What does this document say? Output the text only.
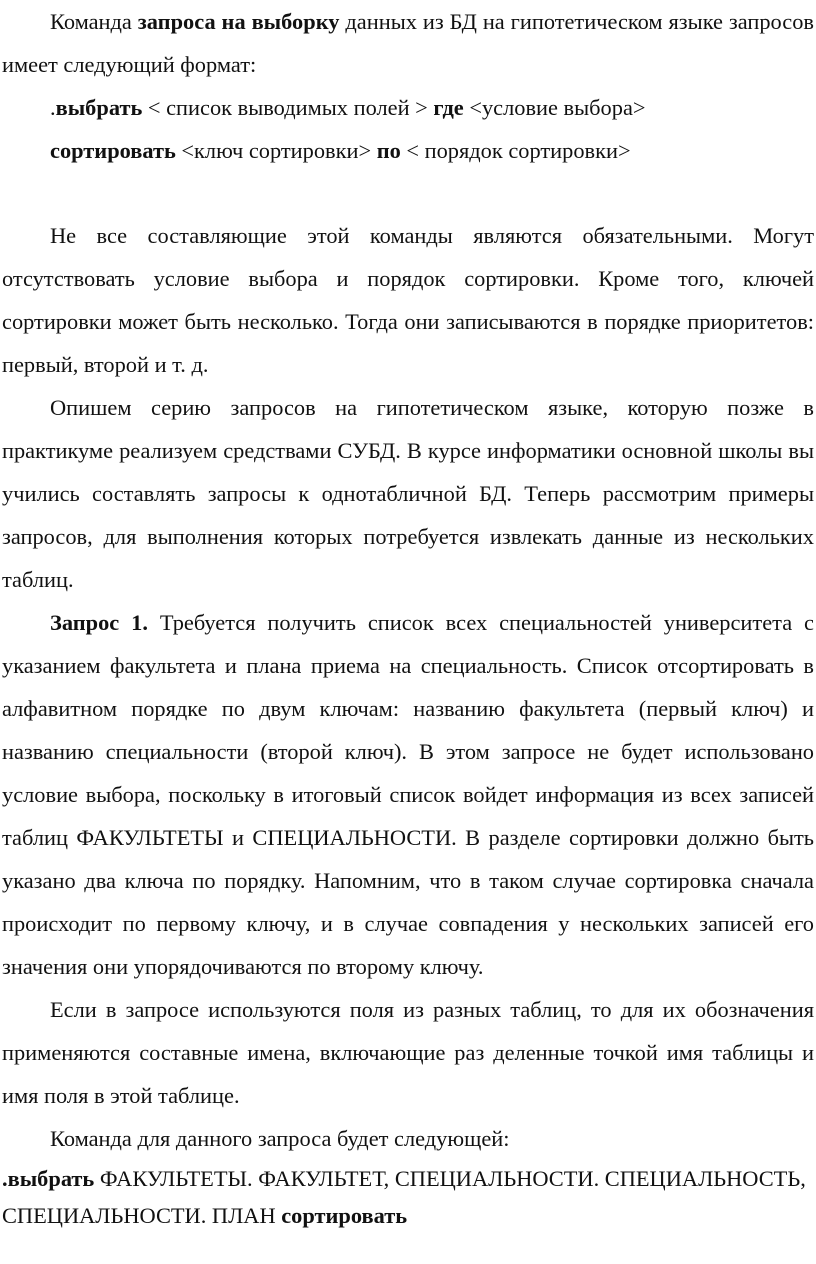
Команда запроса на выборку данных из БД на гипотетическом языке запросов имеет следующий формат:

.выбрать < список выводимых полей > где <условие выбора>

сортировать <ключ сортировки> по < порядок сортировки>

Не все составляющие этой команды являются обязательными. Могут отсутствовать условие выбора и порядок сортировки. Кроме того, ключей сортировки может быть несколько. Тогда они записываются в порядке приоритетов: первый, второй и т. д.

Опишем серию запросов на гипотетическом языке, которую позже в практикуме реализуем средствами СУБД. В курсе информатики основной школы вы учились составлять запросы к однотабличной БД. Теперь рассмотрим примеры запросов, для выполнения которых потребуется извлекать данные из нескольких таблиц.

Запрос 1. Требуется получить список всех специальностей университета с указанием факультета и плана приема на специальность. Список отсортировать в алфавитном порядке по двум ключам: названию факультета (первый ключ) и названию специальности (второй ключ). В этом запросе не будет использовано условие выбора, поскольку в итоговый список войдет информация из всех записей таблиц ФАКУЛЬТЕТЫ и СПЕЦИАЛЬНОСТИ. В разделе сортировки должно быть указано два ключа по порядку. Напомним, что в таком случае сортировка сначала происходит по первому ключу, и в случае совпадения у нескольких записей его значения они упорядочиваются по второму ключу.

Если в запросе используются поля из разных таблиц, то для их обозначения применяются составные имена, включающие раз деленные точкой имя таблицы и имя поля в этой таблице.

Команда для данного запроса будет следующей:

.выбрать ФАКУЛЬТЕТЫ. ФАКУЛЬТЕТ, СПЕЦИАЛЬНОСТИ. СПЕЦИАЛЬНОСТЬ, СПЕЦИАЛЬНОСТИ. ПЛАН сортировать
